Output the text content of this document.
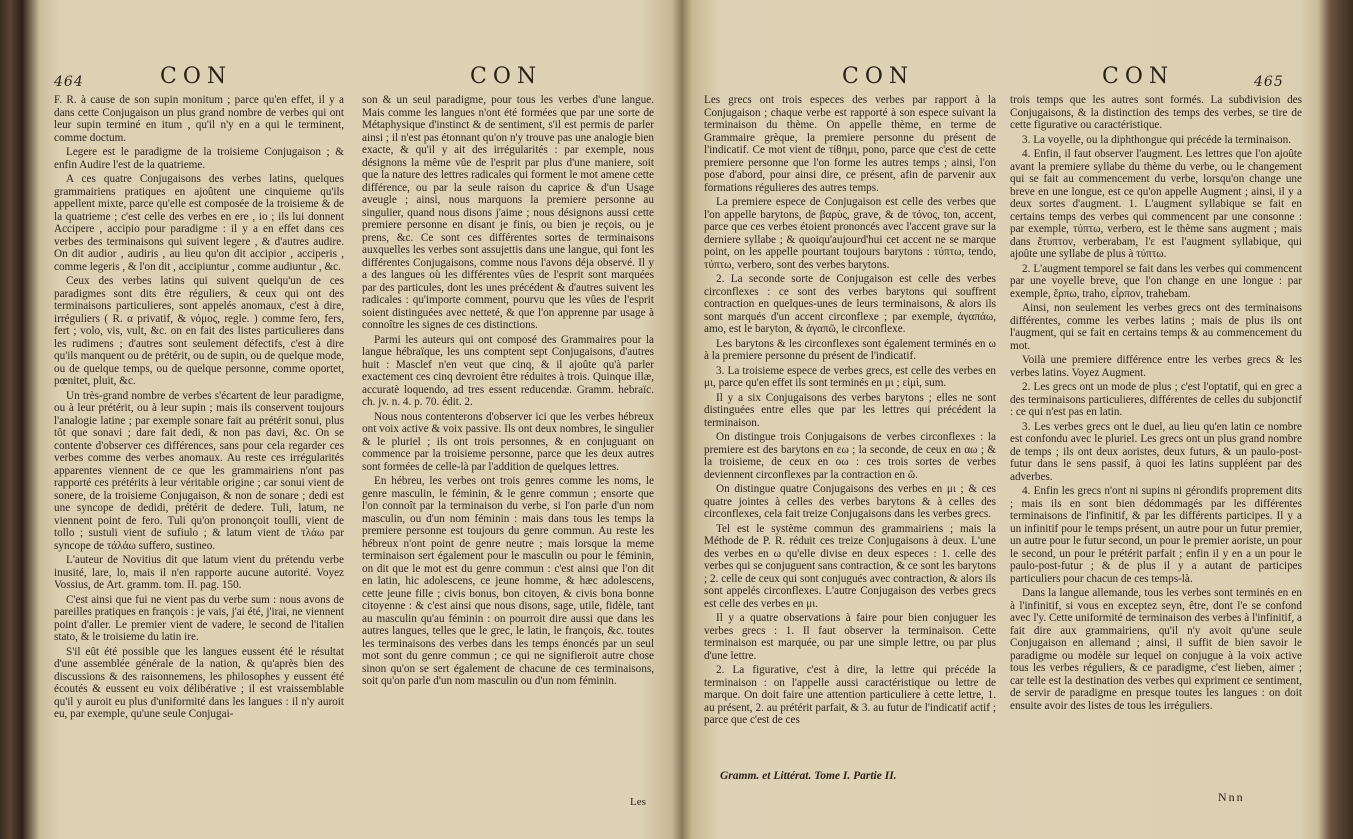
464	CON	CON

F. R. à cause de son supin monitum ; parce qu'en effet, il y a dans cette Conjugaison un plus grand nombre de verbes qui ont leur supin terminé en itum , qu'il n'y en a qui le terminent, comme doctum.

Legere est le paradigme de la troisieme Conjugaison ; & enfin Audire l'est de la quatrieme.

A ces quatre Conjugaisons des verbes latins, quelques grammairiens pratiques en ajoûtent une cinquieme qu'ils appellent mixte, parce qu'elle est composée de la troisieme & de la quatrieme ; c'est celle des verbes en ere , io ; ils lui donnent Accipere , accipio pour paradigme : il y a en effet dans ces verbes des terminaisons qui suivent legere , & d'autres audire. On dit audior , audiris , au lieu qu'on dit accipior , acciperis , comme legeris , & l'on dit , accipiuntur , comme audiuntur , &c.

Ceux des verbes latins qui suivent quelqu'un de ces paradigmes sont dits être réguliers, & ceux qui ont des terminaisons particulieres, sont appelés anomaux, c'est à dire, irréguliers ( R. α privatif, & νόμος, regle. ) comme fero, fers, fert ; volo, vis, vult, &c. on en fait des listes particulieres dans les rudimens ; d'autres sont seulement défectifs, c'est à dire qu'ils manquent ou de prétérit, ou de supin, ou de quelque mode, ou de quelque temps, ou de quelque personne, comme oportet, pœnitet, pluit, &c.

Un très-grand nombre de verbes s'écartent de leur paradigme, ou à leur prétérit, ou à leur supin ; mais ils conservent toujours l'analogie latine ; par exemple sonare fait au prétérit sonui, plus tôt que sonavi ; dare fait dedi, & non pas davi, &c. On se contente d'observer ces différences, sans pour cela regarder ces verbes comme des verbes anomaux. Au reste ces irrégularités apparentes viennent de ce que les grammairiens n'ont pas rapporté ces prétérits à leur véritable origine ; car sonui vient de sonere, de la troisieme Conjugaison, & non de sonare ; dedi est une syncope de dedidi, prétérit de dedere. Tuli, latum, ne viennent point de fero. Tuli qu'on prononçoit toulli, vient de tollo ; sustuli vient de sufiulo ; & latum vient de τλάω par syncope de τάλάω suffero, sustineo.

L'auteur de Novitius dit que latum vient du prétendu verbe inusité, lare, lo, mais il n'en rapporte aucune autorité. Voyez Vossius, de Art. gramm. tom. II. pag. 150.

C'est ainsi que fui ne vient pas du verbe sum : nous avons de pareilles pratiques en françois : je vais, j'ai été, j'irai, ne viennent point d'aller. Le premier vient de vadere, le second de l'italien stato, & le troisieme du latin ire.

S'il eût été possible que les langues eussent été le résultat d'une assemblée générale de la nation, & qu'après bien des discussions & des raisonnemens, les philosophes y eussent été écoutés & eussent eu voix délibérative ; il est vraissemblable qu'il y auroit eu plus d'uniformité dans les langues : il n'y auroit eu, par exemple, qu'une seule Conjugai-

son & un seul paradigme, pour tous les verbes d'une langue. Mais comme les langues n'ont été formées que par une sorte de Métaphysique d'instinct & de sentiment, s'il est permis de parler ainsi ; il n'est pas étonnant qu'on n'y trouve pas une analogie bien exacte, & qu'il y ait des irrégularités : par exemple, nous désignons la même vûe de l'esprit par plus d'une maniere, soit que la nature des lettres radicales qui forment le mot amene cette différence, ou par la seule raison du caprice & d'un Usage aveugle ; ainsi, nous marquons la premiere personne au singulier, quand nous disons j'aime ; nous désignons aussi cette premiere personne en disant je finis, ou bien je reçois, ou je prens, &c. Ce sont ces différentes sortes de terminaisons auxquelles les verbes sont assujettis dans une langue, qui font les différentes Conjugaisons, comme nous l'avons déja observé. Il y a des langues où les différentes vûes de l'esprit sont marquées par des particules, dont les unes précédent & d'autres suivent les radicales : qu'importe comment, pourvu que les vûes de l'esprit soient distinguées avec netteté, & que l'on apprenne par usage à connoître les signes de ces distinctions.

Parmi les auteurs qui ont composé des Grammaires pour la langue hébraïque, les uns comptent sept Conjugaisons, d'autres huit : Masclef n'en veut que cinq, & il ajoûte qu'à parler exactement ces cinq devroient être réduites à trois. Quinque illæ, accuratè loquendo, ad tres essent reducendæ. Gramm. hebraïc. ch. jv. n. 4. p. 70. édit. 2.

Nous nous contenterons d'observer ici que les verbes hébreux ont voix active & voix passive. Ils ont deux nombres, le singulier & le pluriel ; ils ont trois personnes, & en conjuguant on commence par la troisieme personne, parce que les deux autres sont formées de celle-là par l'addition de quelques lettres.

En hébreu, les verbes ont trois genres comme les noms, le genre masculin, le féminin, & le genre commun ; ensorte que l'on connoît par la terminaison du verbe, si l'on parle d'un nom masculin, ou d'un nom féminin : mais dans tous les temps la premiere personne est toujours du genre commun. Au reste les hébreux n'ont point de genre neutre ; mais lorsque la meme terminaison sert également pour le masculin ou pour le féminin, on dit que le mot est du genre commun : c'est ainsi que l'on dit en latin, hic adolescens, ce jeune homme, & hæc adolescens, cette jeune fille ; civis bonus, bon citoyen, & civis bona bonne citoyenne : & c'est ainsi que nous disons, sage, utile, fidèle, tant au masculin qu'au féminin : on pourroit dire aussi que dans les autres langues, telles que le grec, le latin, le françois, &c. toutes les terminaisons des verbes dans les temps énoncés par un seul mot sont du genre commun ; ce qui ne signifieroit autre chose sinon qu'on se sert également de chacune de ces terminaisons, soit qu'on parle d'un nom masculin ou d'un nom féminin.

Les
CON	CON	465

Les grecs ont trois especes des verbes par rapport à la Conjugaison ; chaque verbe est rapporté à son espece suivant la terminaison du thème. On appelle thème, en terme de Grammaire grèque, la premiere personne du présent de l'indicatif. Ce mot vient de τίθημι, pono, parce que c'est de cette premiere personne que l'on forme les autres temps ; ainsi, l'on pose d'abord, pour ainsi dire, ce présent, afin de parvenir aux formations régulieres des autres temps.

La premiere espece de Conjugaison est celle des verbes que l'on appelle barytons, de βαρὺς, grave, & de τόνος, ton, accent, parce que ces verbes étoient prononcés avec l'accent grave sur la derniere syllabe ; & quoiqu'aujourd'hui cet accent ne se marque point, on les appelle pourtant toujours barytons : τύπτω, tendo, τύπτω, verbero, sont des verbes barytons.

2. La seconde sorte de Conjugaison est celle des verbes circonflexes : ce sont des verbes barytons qui souffrent contraction en quelques-unes de leurs terminaisons, & alors ils sont marqués d'un accent circonflexe ; par exemple, ἀγαπάω, amo, est le baryton, & ἀγαπῶ, le circonflexe.

Les barytons & les circonflexes sont également terminés en ω à la premiere personne du présent de l'indicatif.

3. La troisieme espece de verbes grecs, est celle des verbes en μι, parce qu'en effet ils sont terminés en μι ; εἰμὶ, sum.

Il y a six Conjugaisons des verbes barytons ; elles ne sont distinguées entre elles que par les lettres qui précédent la terminaison.

On distingue trois Conjugaisons de verbes circonflexes : la premiere est des barytons en εω ; la seconde, de ceux en αω ; & la troisieme, de ceux en οω : ces trois sortes de verbes deviennent circonflexes par la contraction en ῶ.

On distingue quatre Conjugaisons des verbes en μι ; & ces quatre jointes à celles des verbes barytons & à celles des circonflexes, cela fait treize Conjugaisons dans les verbes grecs.

Tel est le système commun des grammairiens ; mais la Méthode de P. R. réduit ces treize Conjugaisons à deux. L'une des verbes en ω qu'elle divise en deux especes : 1. celle des verbes qui se conjuguent sans contraction, & ce sont les barytons ; 2. celle de ceux qui sont conjugués avec contraction, & alors ils sont appelés circonflexes. L'autre Conjugaison des verbes grecs est celle des verbes en μι.

Il y a quatre observations à faire pour bien conjuguer les verbes grecs : 1. Il faut observer la terminaison. Cette terminaison est marquée, ou par une simple lettre, ou par plus d'une lettre.

2. La figurative, c'est à dire, la lettre qui précéde la terminaison : on l'appelle aussi caractéristique ou lettre de marque. On doit faire une attention particuliere à cette lettre, 1. au présent, 2. au prétérit parfait, & 3. au futur de l'indicatif actif ; parce que c'est de ces

Gramm. et Littérat. Tome I. Partie II.

trois temps que les autres sont formés. La subdivision des Conjugaisons, & la distinction des temps des verbes, se tire de cette figurative ou caractéristique.

3. La voyelle, ou la diphthongue qui précéde la terminaison.

4. Enfin, il faut observer l'augment. Les lettres que l'on ajoûte avant la premiere syllabe du thème du verbe, ou le changement qui se fait au commencement du verbe, lorsqu'on change une breve en une longue, est ce qu'on appelle Augment ; ainsi, il y a deux sortes d'augment. 1. L'augment syllabique se fait en certains temps des verbes qui commencent par une consonne : par exemple, τύπτω, verbero, est le thème sans augment ; mais dans ἔτυπτον, verberabam, l'ε est l'augment syllabique, qui ajoûte une syllabe de plus à τύπτω.

2. L'augment temporel se fait dans les verbes qui commencent par une voyelle breve, que l'on change en une longue : par exemple, ἕρπω, traho, εἷρπον, trahebam.

Ainsi, non seulement les verbes grecs ont des terminaisons différentes, comme les verbes latins ; mais de plus ils ont l'augment, qui se fait en certains temps & au commencement du mot.

Voilà une premiere différence entre les verbes grecs & les verbes latins. Voyez Augment.

2. Les grecs ont un mode de plus ; c'est l'optatif, qui en grec a des terminaisons particulieres, différentes de celles du subjonctif : ce qui n'est pas en latin.

3. Les verbes grecs ont le duel, au lieu qu'en latin ce nombre est confondu avec le pluriel. Les grecs ont un plus grand nombre de temps ; ils ont deux aoristes, deux futurs, & un paulo-post-futur dans le sens passif, à quoi les latins suppléent par des adverbes.

4. Enfin les grecs n'ont ni supins ni gérondifs proprement dits ; mais ils en sont bien dédommagés par les différentes terminaisons de l'infinitif, & par les différents participes. Il y a un infinitif pour le temps présent, un autre pour un futur premier, un autre pour le futur second, un pour le premier aoriste, un pour le second, un pour le prétérit parfait ; enfin il y en a un pour le paulo-post-futur ; & de plus il y a autant de participes particuliers pour chacun de ces temps-là.

Dans la langue allemande, tous les verbes sont terminés en en à l'infinitif, si vous en exceptez seyn, être, dont l'e se confond avec l'y. Cette uniformité de terminaison des verbes à l'infinitif, a fait dire aux grammairiens, qu'il n'y avoit qu'une seule Conjugaison en allemand ; ainsi, il suffit de bien savoir le paradigme ou modèle sur lequel on conjugue à la voix active tous les verbes réguliers, & ce paradigme, c'est lieben, aimer ; car telle est la destination des verbes qui expriment ce sentiment, de servir de paradigme en presque toutes les langues : on doit ensuite avoir des listes de tous les irréguliers.

Nnn
